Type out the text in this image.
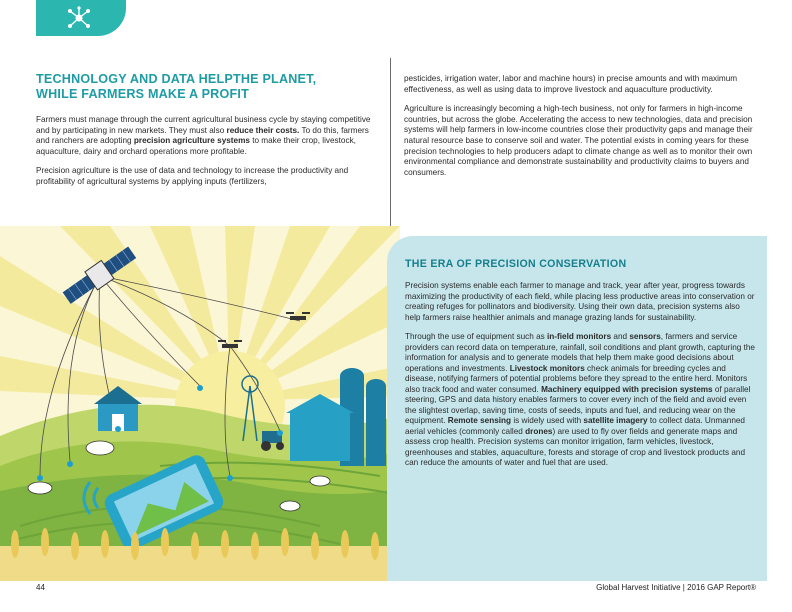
TECHNOLOGY AND DATA HELPTHE PLANET,
WHILE FARMERS MAKE A PROFIT

Farmers must manage through the current agricultural business cycle by staying competitive and by participating in new markets. They must also reduce their costs. To do this, farmers and ranchers are adopting precision agriculture systems to make their crop, livestock, aquaculture, dairy and orchard operations more profitable.

Precision agriculture is the use of data and technology to increase the productivity and profitability of agricultural systems by applying inputs (fertilizers,

pesticides, irrigation water, labor and machine hours) in precise amounts and with maximum effectiveness, as well as using data to improve livestock and aquaculture productivity.

Agriculture is increasingly becoming a high-tech business, not only for farmers in high-income countries, but across the globe. Accelerating the access to new technologies, data and precision systems will help farmers in low-income countries close their productivity gaps and manage their natural resource base to conserve soil and water. The potential exists in coming years for these precision technologies to help producers adapt to climate change as well as to monitor their own environmental compliance and demonstrate sustainability and productivity claims to buyers and consumers.

THE ERA OF PRECISION CONSERVATION

Precision systems enable each farmer to manage and track, year after year, progress towards maximizing the productivity of each field, while placing less productive areas into conservation or creating refuges for pollinators and biodiversity. Using their own data, precision systems also help farmers raise healthier animals and manage grazing lands for sustainability.

Through the use of equipment such as in-field monitors and sensors, farmers and service providers can record data on temperature, rainfall, soil conditions and plant growth, capturing the information for analysis and to generate models that help them make good decisions about operations and investments. Livestock monitors check animals for breeding cycles and disease, notifying farmers of potential problems before they spread to the entire herd. Monitors also track food and water consumed. Machinery equipped with precision systems of parallel steering, GPS and data history enables farmers to cover every inch of the field and avoid even the slightest overlap, saving time, costs of seeds, inputs and fuel, and reducing wear on the equipment. Remote sensing is widely used with satellite imagery to collect data. Unmanned aerial vehicles (commonly called drones) are used to fly over fields and generate maps and assess crop health. Precision systems can monitor irrigation, farm vehicles, livestock, greenhouses and stables, aquaculture, forests and storage of crop and livestock products and can reduce the amounts of water and fuel that are used.

44	Global Harvest Initiative | 2016 GAP Report®
